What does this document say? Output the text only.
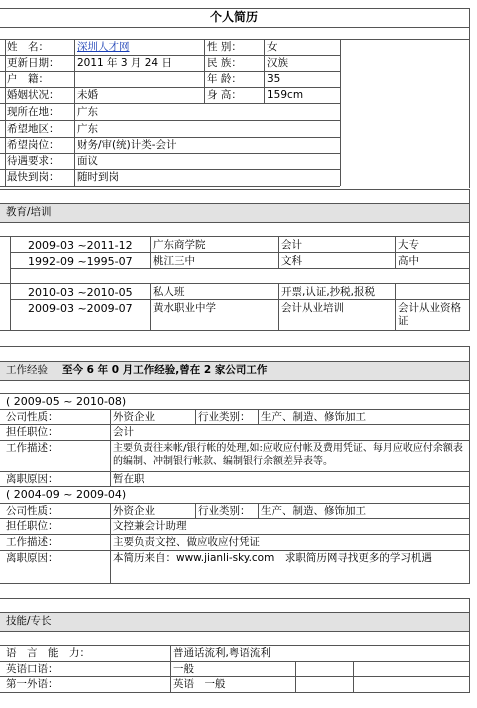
个人简历
姓　名：	深圳人才网	性 别： 女
更新日期： 2011 年 3 月 24 日	民 族： 汉族
户　籍：	年 龄： 35
婚姻状况： 未婚	身 高： 159cm
现所在地： 广东
希望地区： 广东
希望岗位： 财务/审(统)计类-会计
待遇要求： 面议
最快到岗： 随时到岗
教育/培训
2009-03 ~2011-12 广东商学院	会计	大专
1992-09 ~1995-07 桃江三中	文科	高中
2010-03 ~2010-05 私人班	开票,认证,抄税,报税
2009-03 ~2009-07 黄水职业中学	会计从业培训	会计从业资格证
工作经验 至今 6 年 0 月工作经验,曾在 2 家公司工作
( 2009-05 ~ 2010-08)
公司性质：	外资企业	行业类别： 生产、制造、修饰加工
担任职位：	会计
工作描述：	主要负责往来帐/银行帐的处理,如:应收应付帐及费用凭证、每月应收应付余额表的编制、冲制银行帐款、编制银行余额差异表等。
离职原因：	暂在职
( 2004-09 ~ 2009-04)
公司性质：	外资企业	行业类别： 生产、制造、修饰加工
担任职位：	文控兼会计助理
工作描述：	主要负责文控、做应收应付凭证
离职原因：	本简历来自：www.jianli-sky.com　求职简历网寻找更多的学习机遇
技能/专长
语　言　能　力：	普通话流利,粤语流利
英语口语：	一般
第一外语：	英语　一般
